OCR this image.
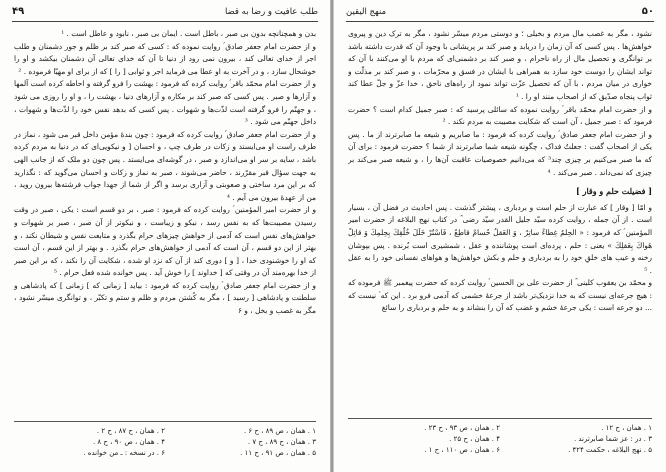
۴۹	طلب عافیت و رضا به قضا

بدن و همچنانچه بدون بی صبر ، باطل است . ایمان بی صبر ، نابود و عاطل است . ¹

و از حضرت امام جعفر صادق ؑ روایت نموده که : کسی که صبر کند بر ظلم و جور دشمنان و طلب اجر از خدای تعالی کند ، بیرون نمی رود از دنیا تا آن که خدای تعالی آن دشمنان بیکشد و او را خوشحال سازد ، و در آخرت به او عطا می فرماید اجر و ثوابی [ را ] که از برای او مهیّا فرموده . ²

و از حضرت امام محمّد باقر ؑ روایت کرده که فرمود : بهشت را فرو گرفته و احاطه کرده است آلمها و آزارها و صبر . پس کسی که صبر کند بر مکاره و آزارهای دنیا ، بهشت را ، و او را روزی می شود ، و جهنّم را فرو گرفته است لذّت‌ها و شهوات . پس کسی که بدهد نفس خود را لذّت‌ها و شهوات ، داخل جهنّم می شود . ³

و از حضرت امام جعفر صادق ؑ روایت کرده که فرمود : چون بندهٔ مؤمن داخل قبر می شود ، نماز در طرف راست او می‌ایستد و زکات در طرف چپ ، و احسان [ و نیکویی‌ای که در دنیا به مردم کرده باشد ، سایه بر سر او می‌اندازد و صبر ، در گوشه‌ای می‌ایستد . پس چون دو ملک که از جانب الهی به جهت سؤال قبر مقرّرند ، حاضر می‌شوند ، صبر به نماز و زکات و احسان می‌گوید که : نگذارید که بر این مرد ساختی و صعوبتی و آزاری برسد و اگر از شما از جهدا جواب فرشته‌ها بیرون روید ، من از عهدهٔ بیرون می آیم . ⁴

و از حضرت امیر المؤمنین ؑ روایت کرده که فرمود : صبر ، بر دو قسم است : یکی ، صبر در وقت رسیدن مصیبت‌ها که به نفس رسد ، نیکو و زیباست ، و نیکوتر از آن صبر ، صبر بر شهوات و خواهش‌های نفس است که آدمی از خواهش چیزهای حرام بگذرد و متابعت نفس و شیطان نکند ، و بهتر از این دو قسم ، آن است که آدمی از خواهش‌های حرام بگذرد . و بهتر از این قسم ، آن است که او را خوشنودی خدا ، [ و ] دوری کند از آن که نزد او شده ، شکایت آن را نکند ، که بر این صبر از خدا بهره‌مند آن در وقتی که [ خداوند ] را خوش آید . پس خوانده شده فعل حرام . ⁵

و از حضرت امام جعفر صادق ؑ روایت کرده که فرمود : بیاید [ زمانی که ] زمانی ] که پادشاهی و سلطنت و پادشاهی [ رسید ] ، مگر به کُشتن مردم و ظلم و ستم و تکبّر ، و توانگری میسّر نشود ، مگر به غصب و بخل ، و ۶

۱ . همان ، ص ۸۹ ، ح ۶ .
۲ . همان ، ح ۸۷ ، ح ۲ .
۳ . همان ، ح ۸۹ ، ح ۷ .
۴ . همان ، ص ۹۰ ، ح ۸ .
۵ . همان ، ص ۹۱ ، ح ۱۱ .
۶ . در نسخه : ـ من خوانده .
منهج الیقین	۵۰

نشود ، مگر به غصب مال مردم و بخیلی ؛ و دوستی مردم میسّر نشود ، مگر به ترک دین و پیروی خواهش‌ها . پس کسی که آن زمان را دریابد و صبر کند بر پریشانی با وجود آن که قدرت داشته باشد بر توانگری و تحصیل مال از راه ناحرام ، و صبر کند بر دشمنی‌ای که مردم با او می‌کنند با آن که تواند ایشان را دوست خود سازد به همراهی با ایشان در فسق و محرّمات ، و صبر کند بر مذلّت و خواری در میان مردم ، با آن که تحصیل عزّت تواند نمود از راه‌های ناحق ، خدا عزّ و جلّ عطا کند ثواب پنجاه صدّیق که از اصحاب منند او را . ¹

و از حضرت امام محمّد باقر ؑ روایت نموده که سائلی پرسید که : صبر جمیل کدام است ؟ حضرت فرمود که : صبر جمیل ، آن است که شکایت مصیبت به مردم نکند . ²

و از حضرت امام جعفر صادق ؑ روایت کرده که فرمود : ما صابریم و شیعه ما صابرترند از ما . پس یکی از اصحاب گفت : جعلتُ فداک ، چگونه شیعه شما صابرترند از شما ؟ حضرت فرمود : برای آن که ما صبر می‌کنیم بر چیزی چند³ که می‌دانیم خصوصیات عاقبت آن‌ها را ، و شیعه صبر می‌کند بر چیزی که نمی‌داند . صبر می‌کند . ⁴

[ فضیلت حلم و وقار ]

و امّا [ وقار ] که عبارت از حلم است و بردباری ، پیشتر گذشت . پس احادیث در فضل آن ، بسیار است . از آن جمله ، روایت کرده سیّد جلیل القدر سیّد رضی ؒ در کتاب نهج البلاغه از حضرت امیر المؤمنین ؑ که فرمود : « الحِلمُ غِطاءٌ ساتِرٌ ، وَ العَقلُ حُسامٌ قاطِعٌ ، فَاسْتُرْ خَلَلَ خُلُقِكَ بِحِلمِكَ وَ قاتِلْ هَواكَ بِعَقلِكَ » یعنی : حلم ، پرده‌ای است پوشاننده و عقل ، شمشیری است بُرنده . پس بپوشان رخنه و عیب های خلقِ خود را به بردباری و حلم و بکش خواهش‌ها و هواهای نفسانی خود را به عقل . ⁵

و محمّد بن یعقوب کلینی ؒ از حضرت علی بن الحسین ؑ روایت کرده که حضرت پیغمبر ﷺ فرموده که : هیچ جرعه‌ای نیست که به خدا نزدیک‌تر باشد از جرعهٔ خشمی که آدمی فرو برد . این که ؑ نیست که ... دو جرعه است : یکی جرعهٔ خشم و غضب که آن را بنشاند و به حلم و بردباری را سائغ

۱ . همان ، ح ۱۲ .
۲ . همان ، ص ۹۳ ، ح ۲۳ .
۳ . در : عز شما صابرترند .
۴ . همان ، ح ۲۵ .
۵ . نهج البلاغه ، حکمت ۴۲۴ .
۶ . همان ، ص ۱۱۰ ، ح ۱ .
